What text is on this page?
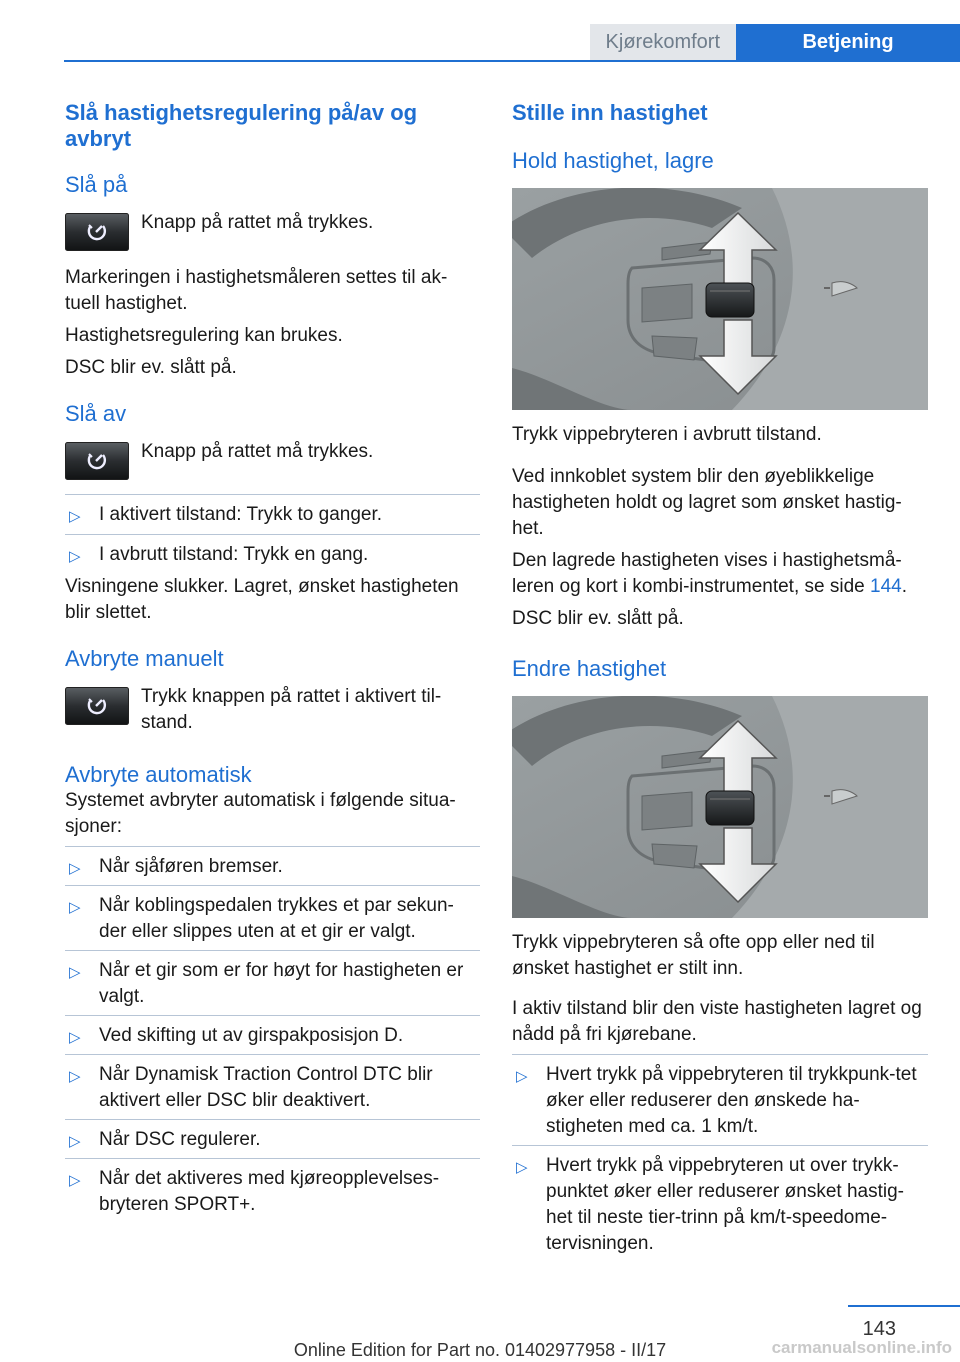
Kjørekomfort	Betjening
Slå hastighetsregulering på/av og avbryt
Slå på

Knapp på rattet må trykkes.

Markeringen i hastighetsmåleren settes til ak-tuell hastighet.

Hastighetsregulering kan brukes.

DSC blir ev. slått på.

Slå av

Knapp på rattet må trykkes.

▷ I aktivert tilstand: Trykk to ganger.
▷ I avbrutt tilstand: Trykk en gang.

Visningene slukker. Lagret, ønsket hastigheten blir slettet.

Avbryte manuelt

Trykk knappen på rattet i aktivert til-stand.

Avbryte automatisk

Systemet avbryter automatisk i følgende situa-sjoner:

▷ Når sjåføren bremser.
▷ Når koblingspedalen trykkes et par sekun-der eller slippes uten at et gir er valgt.
▷ Når et gir som er for høyt for hastigheten er valgt.
▷ Ved skifting ut av girspakposisjon D.
▷ Når Dynamisk Traction Control DTC blir aktivert eller DSC blir deaktivert.
▷ Når DSC regulerer.
▷ Når det aktiveres med kjøreopplevelses-bryteren SPORT+.
Stille inn hastighet
Hold hastighet, lagre

Trykk vippebryteren i avbrutt tilstand.

Ved innkoblet system blir den øyeblikkelige hastigheten holdt og lagret som ønsket hastig-het.

Den lagrede hastigheten vises i hastighetsmå-leren og kort i kombi-instrumentet, se side 144.

DSC blir ev. slått på.

Endre hastighet

Trykk vippebryteren så ofte opp eller ned til ønsket hastighet er stilt inn.

I aktiv tilstand blir den viste hastigheten lagret og nådd på fri kjørebane.

▷ Hvert trykk på vippebryteren til trykkpunk-tet øker eller reduserer den ønskede ha-stigheten med ca. 1 km/t.
▷ Hvert trykk på vippebryteren ut over trykk-punktet øker eller reduserer ønsket hastig-het til neste tier-trinn på km/t-speedome-tervisningen.
143
Online Edition for Part no. 01402977958 - II/17	carmanualsonline.info
